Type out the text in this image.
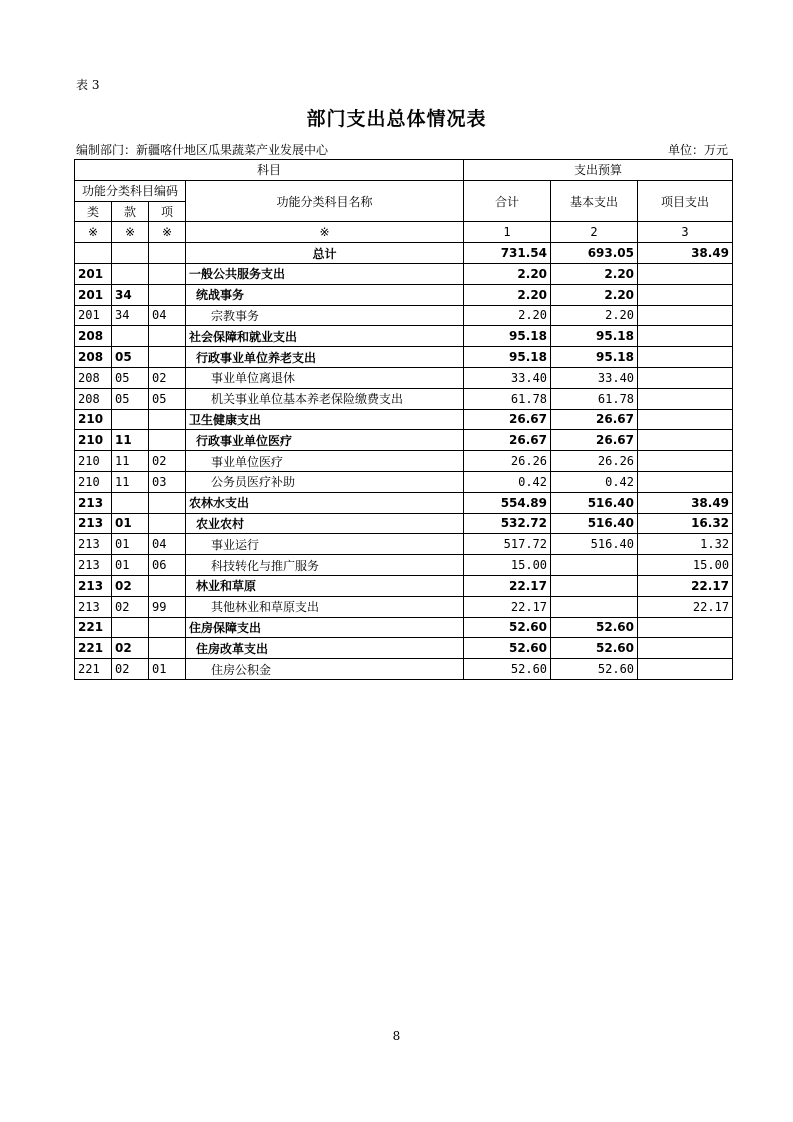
表 3
部门支出总体情况表
编制部门：新疆喀什地区瓜果蔬菜产业发展中心	单位：万元
科目				支出预算		
功能分类科目编码			功能分类科目名称	合计	基本支出	项目支出
类	款	项				
※	※	※	※	1	2	3
			总计	731.54	693.05	38.49
201			一般公共服务支出	2.20	2.20	
201	34		统战事务	2.20	2.20	
201	34	04	宗教事务	2.20	2.20	
208			社会保障和就业支出	95.18	95.18	
208	05		行政事业单位养老支出	95.18	95.18	
208	05	02	事业单位离退休	33.40	33.40	
208	05	05	机关事业单位基本养老保险缴费支出	61.78	61.78	
210			卫生健康支出	26.67	26.67	
210	11		行政事业单位医疗	26.67	26.67	
210	11	02	事业单位医疗	26.26	26.26	
210	11	03	公务员医疗补助	0.42	0.42	
213			农林水支出	554.89	516.40	38.49
213	01		农业农村	532.72	516.40	16.32
213	01	04	事业运行	517.72	516.40	1.32
213	01	06	科技转化与推广服务	15.00		15.00
213	02		林业和草原	22.17		22.17
213	02	99	其他林业和草原支出	22.17		22.17
221			住房保障支出	52.60	52.60	
221	02		住房改革支出	52.60	52.60	
221	02	01	住房公积金	52.60	52.60	
8
